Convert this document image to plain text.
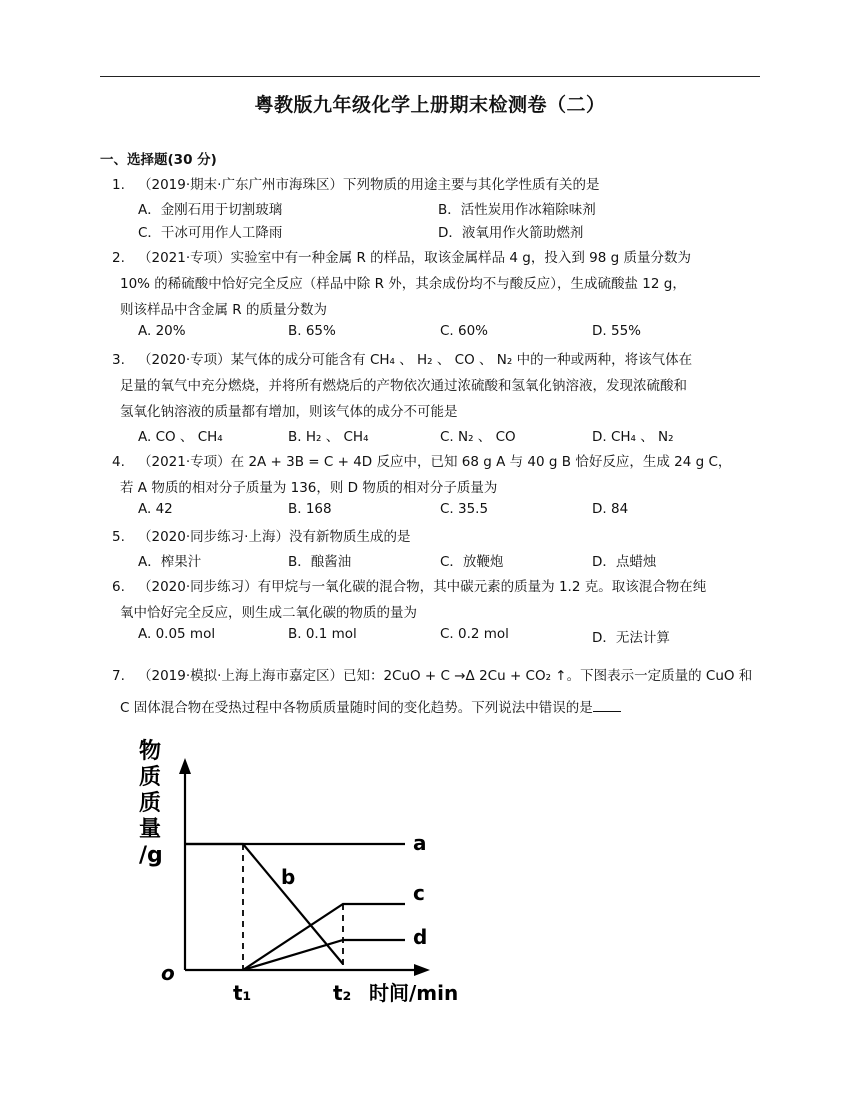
粤教版九年级化学上册期末检测卷（二）
一、选择题(30 分)
1. （2019·期末·广东广州市海珠区）下列物质的用途主要与其化学性质有关的是
A．金刚石用于切割玻璃	B．活性炭用作冰箱除味剂
C．干冰可用作人工降雨	D．液氧用作火箭助燃剂
2. （2021·专项）实验室中有一种金属 R 的样品，取该金属样品 4 g，投入到 98 g 质量分数为
10% 的稀硫酸中恰好完全反应（样品中除 R 外，其余成份均不与酸反应），生成硫酸盐 12 g，
则该样品中含金属 R 的质量分数为
A. 20%	B. 65%	C. 60%	D. 55%
3. （2020·专项）某气体的成分可能含有 CH₄ 、 H₂ 、 CO 、 N₂ 中的一种或两种，将该气体在
足量的氧气中充分燃烧，并将所有燃烧后的产物依次通过浓硫酸和氢氧化钠溶液，发现浓硫酸和
氢氧化钠溶液的质量都有增加，则该气体的成分不可能是
A. CO 、 CH₄	B. H₂ 、 CH₄	C. N₂ 、 CO	D. CH₄ 、 N₂
4. （2021·专项）在 2A + 3B = C + 4D 反应中，已知 68 g A 与 40 g B 恰好反应，生成 24 g C，
若 A 物质的相对分子质量为 136，则 D 物质的相对分子质量为
A. 42	B. 168	C. 35.5	D. 84
5. （2020·同步练习·上海）没有新物质生成的是
A．榨果汁	B．酿酱油	C．放鞭炮	D．点蜡烛
6. （2020·同步练习）有甲烷与一氧化碳的混合物，其中碳元素的质量为 1.2 克。取该混合物在纯
氧中恰好完全反应，则生成二氧化碳的物质的量为
A. 0.05 mol	B. 0.1 mol	C. 0.2 mol	D．无法计算
7. （2019·模拟·上海上海市嘉定区）已知：2CuO + C →Δ 2Cu + CO₂ ↑。下图表示一定质量的 CuO 和
C 固体混合物在受热过程中各物质质量随时间的变化趋势。下列说法中错误的是
物
质
质
量
/g
o
t₁	t₂ 时间/min
a
b
c
d
